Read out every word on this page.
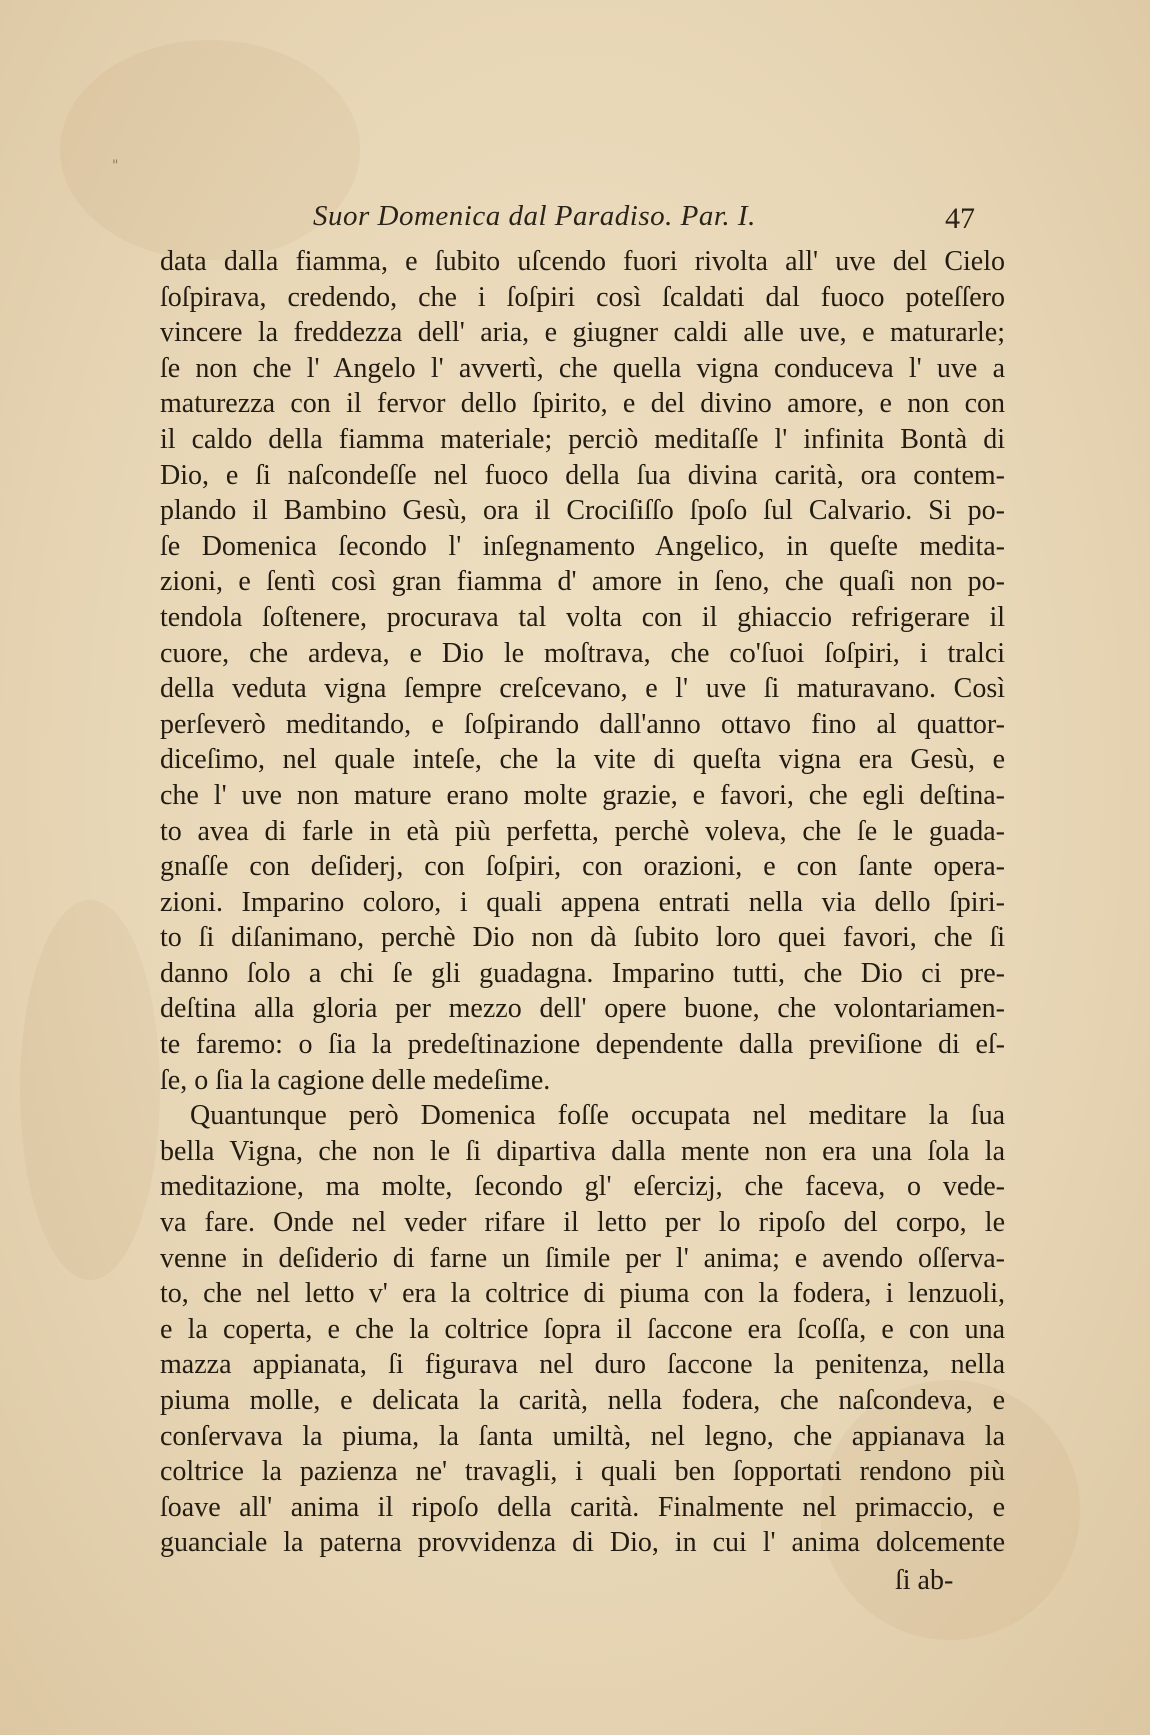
"
Suor Domenica dal Paradiso. Par. I.	47
data dalla fiamma, e ſubito uſcendo fuori rivolta all' uve del Cielo
ſoſpirava, credendo, che i ſoſpiri così ſcaldati dal fuoco poteſſero
vincere la freddezza dell' aria, e giugner caldi alle uve, e maturarle;
ſe non che l' Angelo l' avvertì, che quella vigna conduceva l' uve a
maturezza con il fervor dello ſpirito, e del divino amore, e non con
il caldo della fiamma materiale; perciò meditaſſe l' infinita Bontà di
Dio, e ſi naſcondeſſe nel fuoco della ſua divina carità, ora contem-
plando il Bambino Gesù, ora il Crociſiſſo ſpoſo ſul Calvario. Si po-
ſe Domenica ſecondo l' inſegnamento Angelico, in queſte medita-
zioni, e ſentì così gran fiamma d' amore in ſeno, che quaſi non po-
tendola ſoſtenere, procurava tal volta con il ghiaccio refrigerare il
cuore, che ardeva, e Dio le moſtrava, che co'ſuoi ſoſpiri, i tralci
della veduta vigna ſempre creſcevano, e l' uve ſi maturavano. Così
perſeverò meditando, e ſoſpirando dall'anno ottavo fino al quattor-
diceſimo, nel quale inteſe, che la vite di queſta vigna era Gesù, e
che l' uve non mature erano molte grazie, e favori, che egli deſtina-
to avea di farle in età più perfetta, perchè voleva, che ſe le guada-
gnaſſe con deſiderj, con ſoſpiri, con orazioni, e con ſante opera-
zioni. Imparino coloro, i quali appena entrati nella via dello ſpiri-
to ſi diſanimano, perchè Dio non dà ſubito loro quei favori, che ſi
danno ſolo a chi ſe gli guadagna. Imparino tutti, che Dio ci pre-
deſtina alla gloria per mezzo dell' opere buone, che volontariamen-
te faremo: o ſia la predeſtinazione dependente dalla previſione di eſ-
ſe, o ſia la cagione delle medeſime.
Quantunque però Domenica foſſe occupata nel meditare la ſua
bella Vigna, che non le ſi dipartiva dalla mente non era una ſola la
meditazione, ma molte, ſecondo gl' eſercizj, che faceva, o vede-
va fare. Onde nel veder rifare il letto per lo ripoſo del corpo, le
venne in deſiderio di farne un ſimile per l' anima; e avendo oſſerva-
to, che nel letto v' era la coltrice di piuma con la fodera, i lenzuoli,
e la coperta, e che la coltrice ſopra il ſaccone era ſcoſſa, e con una
mazza appianata, ſi figurava nel duro ſaccone la penitenza, nella
piuma molle, e delicata la carità, nella fodera, che naſcondeva, e
conſervava la piuma, la ſanta umiltà, nel legno, che appianava la
coltrice la pazienza ne' travagli, i quali ben ſopportati rendono più
ſoave all' anima il ripoſo della carità. Finalmente nel primaccio, e
guanciale la paterna provvidenza di Dio, in cui l' anima dolcemente
ſi ab-
